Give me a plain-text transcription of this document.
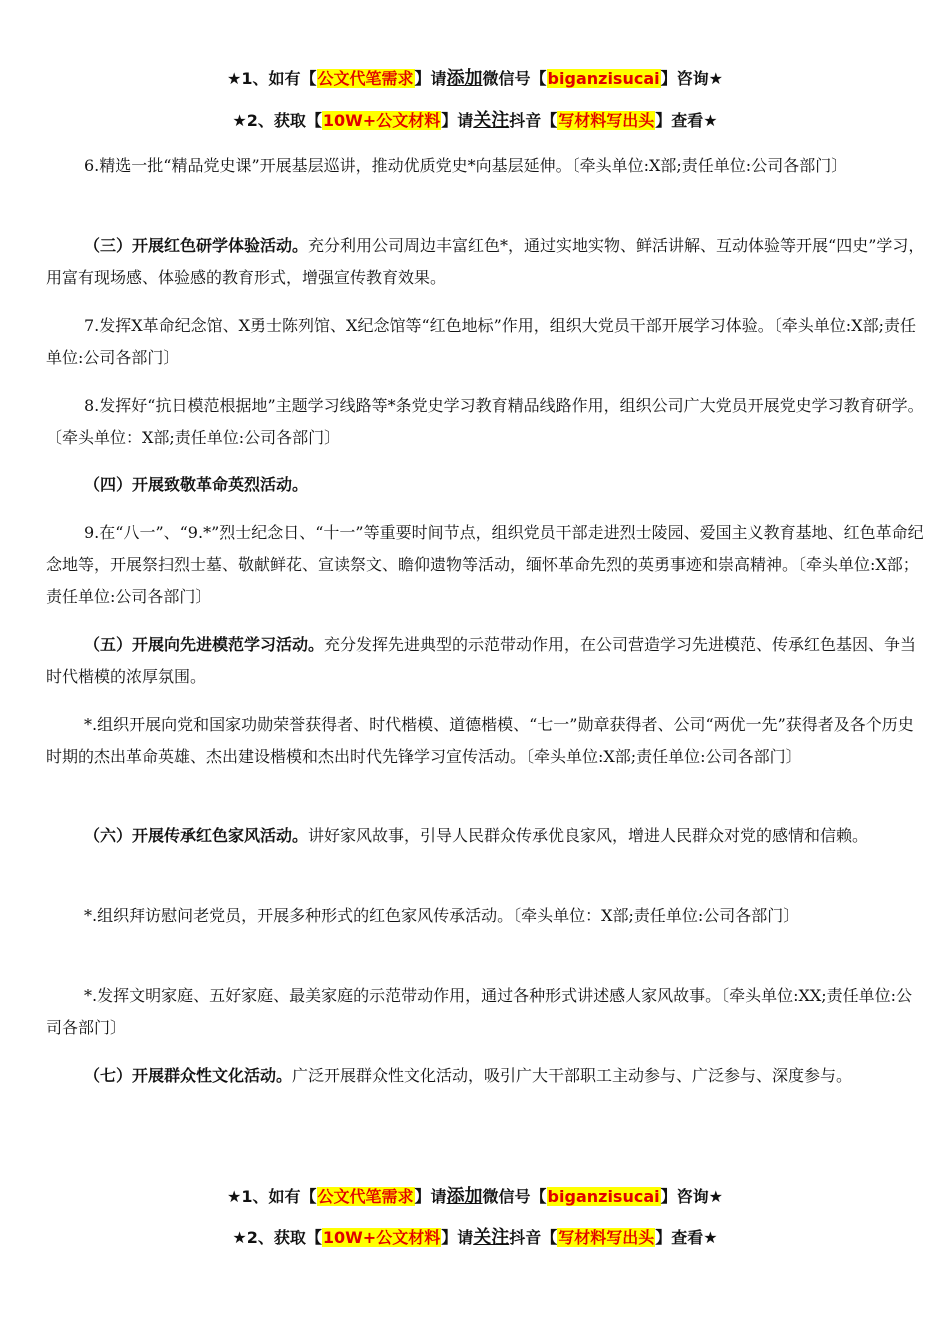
★1、如有【公文代笔需求】请添加微信号【biganzisucai】咨询★
★2、获取【10W+公文材料】请关注抖音【写材料写出头】查看★

6.精选一批“精品党史课”开展基层巡讲，推动优质党史*向基层延伸。〔牵头单位:X部;责任单位:公司各部门〕

（三）开展红色研学体验活动。充分利用公司周边丰富红色*，通过实地实物、鲜活讲解、互动体验等开展“四史”学习，用富有现场感、体验感的教育形式，增强宣传教育效果。

7.发挥X革命纪念馆、X勇士陈列馆、X纪念馆等“红色地标”作用，组织大党员干部开展学习体验。〔牵头单位:X部;责任单位:公司各部门〕

8.发挥好“抗日模范根据地”主题学习线路等*条党史学习教育精品线路作用，组织公司广大党员开展党史学习教育研学。〔牵头单位：X部;责任单位:公司各部门〕

（四）开展致敬革命英烈活动。

9.在“八一”、“9.*”烈士纪念日、“十一”等重要时间节点，组织党员干部走进烈士陵园、爱国主义教育基地、红色革命纪念地等，开展祭扫烈士墓、敬献鲜花、宣读祭文、瞻仰遗物等活动，缅怀革命先烈的英勇事迹和崇高精神。〔牵头单位:X部；责任单位:公司各部门〕

（五）开展向先进模范学习活动。充分发挥先进典型的示范带动作用，在公司营造学习先进模范、传承红色基因、争当时代楷模的浓厚氛围。

*.组织开展向党和国家功勋荣誉获得者、时代楷模、道德楷模、“七一”勋章获得者、公司“两优一先”获得者及各个历史时期的杰出革命英雄、杰出建设楷模和杰出时代先锋学习宣传活动。〔牵头单位:X部;责任单位:公司各部门〕

（六）开展传承红色家风活动。讲好家风故事，引导人民群众传承优良家风，增进人民群众对党的感情和信赖。

*.组织拜访慰问老党员，开展多种形式的红色家风传承活动。〔牵头单位：X部;责任单位:公司各部门〕

*.发挥文明家庭、五好家庭、最美家庭的示范带动作用，通过各种形式讲述感人家风故事。〔牵头单位:XX;责任单位:公司各部门〕

（七）开展群众性文化活动。广泛开展群众性文化活动，吸引广大干部职工主动参与、广泛参与、深度参与。

★1、如有【公文代笔需求】请添加微信号【biganzisucai】咨询★
★2、获取【10W+公文材料】请关注抖音【写材料写出头】查看★
